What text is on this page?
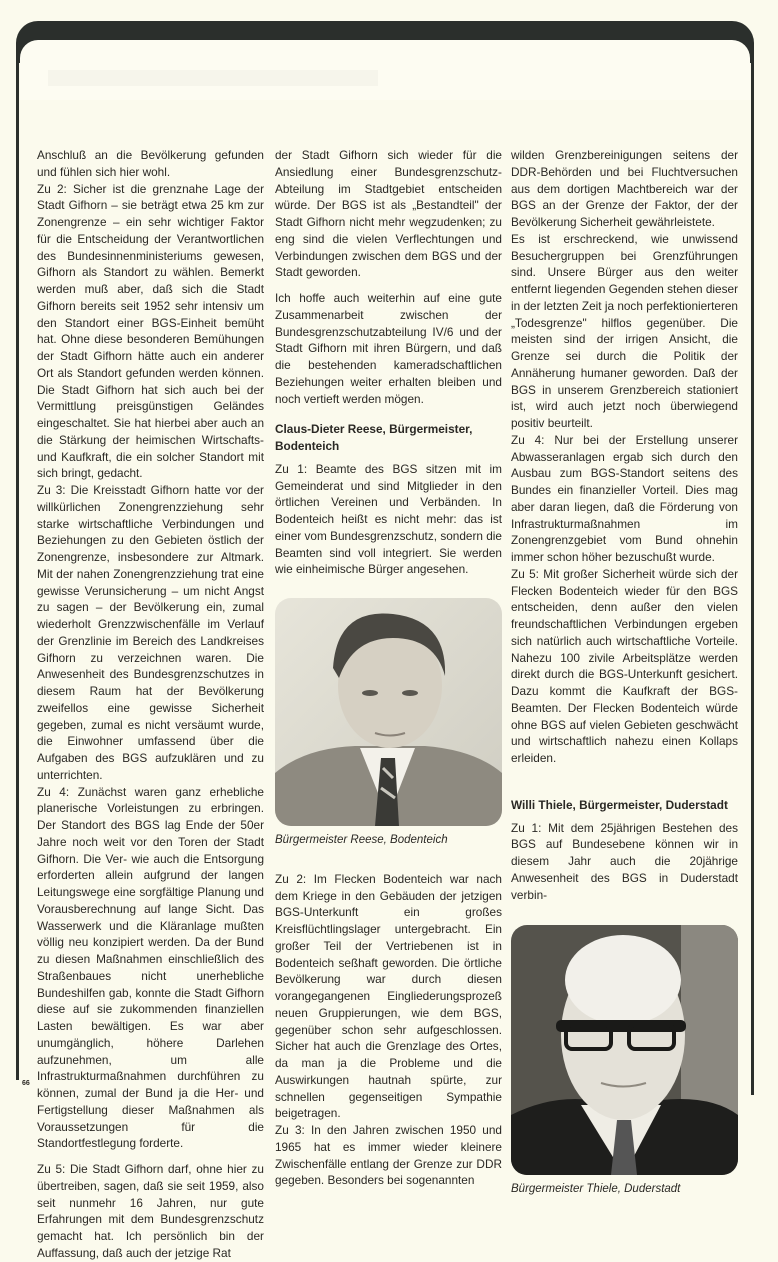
Anschluß an die Bevölkerung gefunden und fühlen sich hier wohl.

Zu 2: Sicher ist die grenznahe Lage der Stadt Gifhorn – sie beträgt etwa 25 km zur Zonengrenze – ein sehr wichtiger Faktor für die Entscheidung der Verantwortlichen des Bundesinnenministeriums gewesen, Gifhorn als Standort zu wählen. Bemerkt werden muß aber, daß sich die Stadt Gifhorn bereits seit 1952 sehr intensiv um den Standort einer BGS-Einheit bemüht hat. Ohne diese besonderen Bemühungen der Stadt Gifhorn hätte auch ein anderer Ort als Standort gefunden werden können. Die Stadt Gifhorn hat sich auch bei der Vermittlung preisgünstigen Geländes eingeschaltet. Sie hat hierbei aber auch an die Stärkung der heimischen Wirtschafts- und Kaufkraft, die ein solcher Standort mit sich bringt, gedacht.

Zu 3: Die Kreisstadt Gifhorn hatte vor der willkürlichen Zonengrenzziehung sehr starke wirtschaftliche Verbindungen und Beziehungen zu den Gebieten östlich der Zonengrenze, insbesondere zur Altmark. Mit der nahen Zonengrenzziehung trat eine gewisse Verunsicherung – um nicht Angst zu sagen – der Bevölkerung ein, zumal wiederholt Grenzzwischenfälle im Verlauf der Grenzlinie im Bereich des Landkreises Gifhorn zu verzeichnen waren. Die Anwesenheit des Bundesgrenzschutzes in diesem Raum hat der Bevölkerung zweifellos eine gewisse Sicherheit gegeben, zumal es nicht versäumt wurde, die Einwohner umfassend über die Aufgaben des BGS aufzuklären und zu unterrichten.

Zu 4: Zunächst waren ganz erhebliche planerische Vorleistungen zu erbringen. Der Standort des BGS lag Ende der 50er Jahre noch weit vor den Toren der Stadt Gifhorn. Die Ver- wie auch die Entsorgung erforderten allein aufgrund der langen Leitungswege eine sorgfältige Planung und Vorausberechnung auf lange Sicht. Das Wasserwerk und die Kläranlage mußten völlig neu konzipiert werden. Da der Bund zu diesen Maßnahmen einschließlich des Straßenbaues nicht unerhebliche Bundeshilfen gab, konnte die Stadt Gifhorn diese auf sie zukommenden finanziellen Lasten bewältigen. Es war aber unumgänglich, höhere Darlehen aufzunehmen, um alle Infrastrukturmaßnahmen durchführen zu können, zumal der Bund ja die Her- und Fertigstellung dieser Maßnahmen als Voraussetzungen für die Standortfestlegung forderte.

Zu 5: Die Stadt Gifhorn darf, ohne hier zu übertreiben, sagen, daß sie seit 1959, also seit nunmehr 16 Jahren, nur gute Erfahrungen mit dem Bundesgrenzschutz gemacht hat. Ich persönlich bin der Auffassung, daß auch der jetzige Rat

der Stadt Gifhorn sich wieder für die Ansiedlung einer Bundesgrenzschutz-Abteilung im Stadtgebiet entscheiden würde. Der BGS ist als „Bestandteil" der Stadt Gifhorn nicht mehr wegzudenken; zu eng sind die vielen Verflechtungen und Verbindungen zwischen dem BGS und der Stadt geworden.

Ich hoffe auch weiterhin auf eine gute Zusammenarbeit zwischen der Bundesgrenzschutzabteilung IV/6 und der Stadt Gifhorn mit ihren Bürgern, und daß die bestehenden kameradschaftlichen Beziehungen weiter erhalten bleiben und noch vertieft werden mögen.

Claus-Dieter Reese, Bürgermeister, Bodenteich

Zu 1: Beamte des BGS sitzen mit im Gemeinderat und sind Mitglieder in den örtlichen Vereinen und Verbänden. In Bodenteich heißt es nicht mehr: das ist einer vom Bundesgrenzschutz, sondern die Beamten sind voll integriert. Sie werden wie einheimische Bürger angesehen.

Bürgermeister Reese, Bodenteich

Zu 2: Im Flecken Bodenteich war nach dem Kriege in den Gebäuden der jetzigen BGS-Unterkunft ein großes Kreisflüchtlingslager untergebracht. Ein großer Teil der Vertriebenen ist in Bodenteich seßhaft geworden. Die örtliche Bevölkerung war durch diesen vorangegangenen Eingliederungsprozeß neuen Gruppierungen, wie dem BGS, gegenüber schon sehr aufgeschlossen. Sicher hat auch die Grenzlage des Ortes, da man ja die Probleme und die Auswirkungen hautnah spürte, zur schnellen gegenseitigen Sympathie beigetragen.

Zu 3: In den Jahren zwischen 1950 und 1965 hat es immer wieder kleinere Zwischenfälle entlang der Grenze zur DDR gegeben. Besonders bei sogenannten

wilden Grenzbereinigungen seitens der DDR-Behörden und bei Fluchtversuchen aus dem dortigen Machtbereich war der BGS an der Grenze der Faktor, der der Bevölkerung Sicherheit gewährleistete.

Es ist erschreckend, wie unwissend Besuchergruppen bei Grenzführungen sind. Unsere Bürger aus den weiter entfernt liegenden Gegenden stehen dieser in der letzten Zeit ja noch perfektionierteren „Todesgrenze" hilflos gegenüber. Die meisten sind der irrigen Ansicht, die Grenze sei durch die Politik der Annäherung humaner geworden. Daß der BGS in unserem Grenzbereich stationiert ist, wird auch jetzt noch überwiegend positiv beurteilt.

Zu 4: Nur bei der Erstellung unserer Abwasseranlagen ergab sich durch den Ausbau zum BGS-Standort seitens des Bundes ein finanzieller Vorteil. Dies mag aber daran liegen, daß die Förderung von Infrastrukturmaßnahmen im Zonengrenzgebiet vom Bund ohnehin immer schon höher bezuschußt wurde.

Zu 5: Mit großer Sicherheit würde sich der Flecken Bodenteich wieder für den BGS entscheiden, denn außer den vielen freundschaftlichen Verbindungen ergeben sich natürlich auch wirtschaftliche Vorteile. Nahezu 100 zivile Arbeitsplätze werden direkt durch die BGS-Unterkunft gesichert. Dazu kommt die Kaufkraft der BGS-Beamten. Der Flecken Bodenteich würde ohne BGS auf vielen Gebieten geschwächt und wirtschaftlich nahezu einen Kollaps erleiden.

Willi Thiele, Bürgermeister, Duderstadt

Zu 1: Mit dem 25jährigen Bestehen des BGS auf Bundesebene können wir in diesem Jahr auch die 20jährige Anwesenheit des BGS in Duderstadt verbin-

Bürgermeister Thiele, Duderstadt

66
